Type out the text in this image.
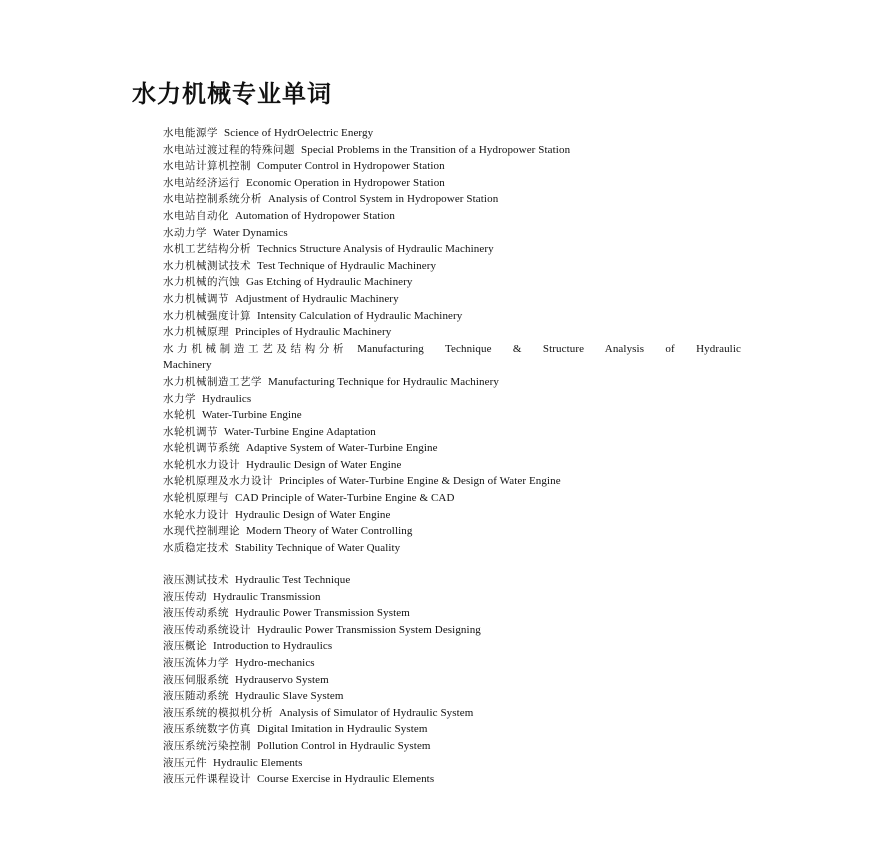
水力机械专业单词
水电能源学 Science of HydrOelectric Energy
水电站过渡过程的特殊问题 Special Problems in the Transition of a Hydropower Station
水电站计算机控制 Computer Control in Hydropower Station
水电站经济运行 Economic Operation in Hydropower Station
水电站控制系统分析 Analysis of Control System in Hydropower Station
水电站自动化 Automation of Hydropower Station
水动力学 Water Dynamics
水机工艺结构分析 Technics Structure Analysis of Hydraulic Machinery
水力机械测试技术 Test Technique of Hydraulic Machinery
水力机械的汽蚀 Gas Etching of Hydraulic Machinery
水力机械调节 Adjustment of Hydraulic Machinery
水力机械强度计算 Intensity Calculation of Hydraulic Machinery
水力机械原理 Principles of Hydraulic Machinery
水力机械制造工艺及结构分析 Manufacturing Technique & Structure Analysis of Hydraulic Machinery
水力机械制造工艺学 Manufacturing Technique for Hydraulic Machinery
水力学 Hydraulics
水轮机 Water-Turbine Engine
水轮机调节 Water-Turbine Engine Adaptation
水轮机调节系统 Adaptive System of Water-Turbine Engine
水轮机水力设计 Hydraulic Design of Water Engine
水轮机原理及水力设计 Principles of Water-Turbine Engine & Design of Water Engine
水轮机原理与 CAD Principle of Water-Turbine Engine & CAD
水轮水力设计 Hydraulic Design of Water Engine
水现代控制理论 Modern Theory of Water Controlling
水质稳定技术 Stability Technique of Water Quality
液压测试技术 Hydraulic Test Technique
液压传动 Hydraulic Transmission
液压传动系统 Hydraulic Power Transmission System
液压传动系统设计 Hydraulic Power Transmission System Designing
液压概论 Introduction to Hydraulics
液压流体力学 Hydro-mechanics
液压伺服系统 Hydrauservo System
液压随动系统 Hydraulic Slave System
液压系统的模拟机分析 Analysis of Simulator of Hydraulic System
液压系统数字仿真 Digital Imitation in Hydraulic System
液压系统污染控制 Pollution Control in Hydraulic System
液压元件 Hydraulic Elements
液压元件课程设计 Course Exercise in Hydraulic Elements
